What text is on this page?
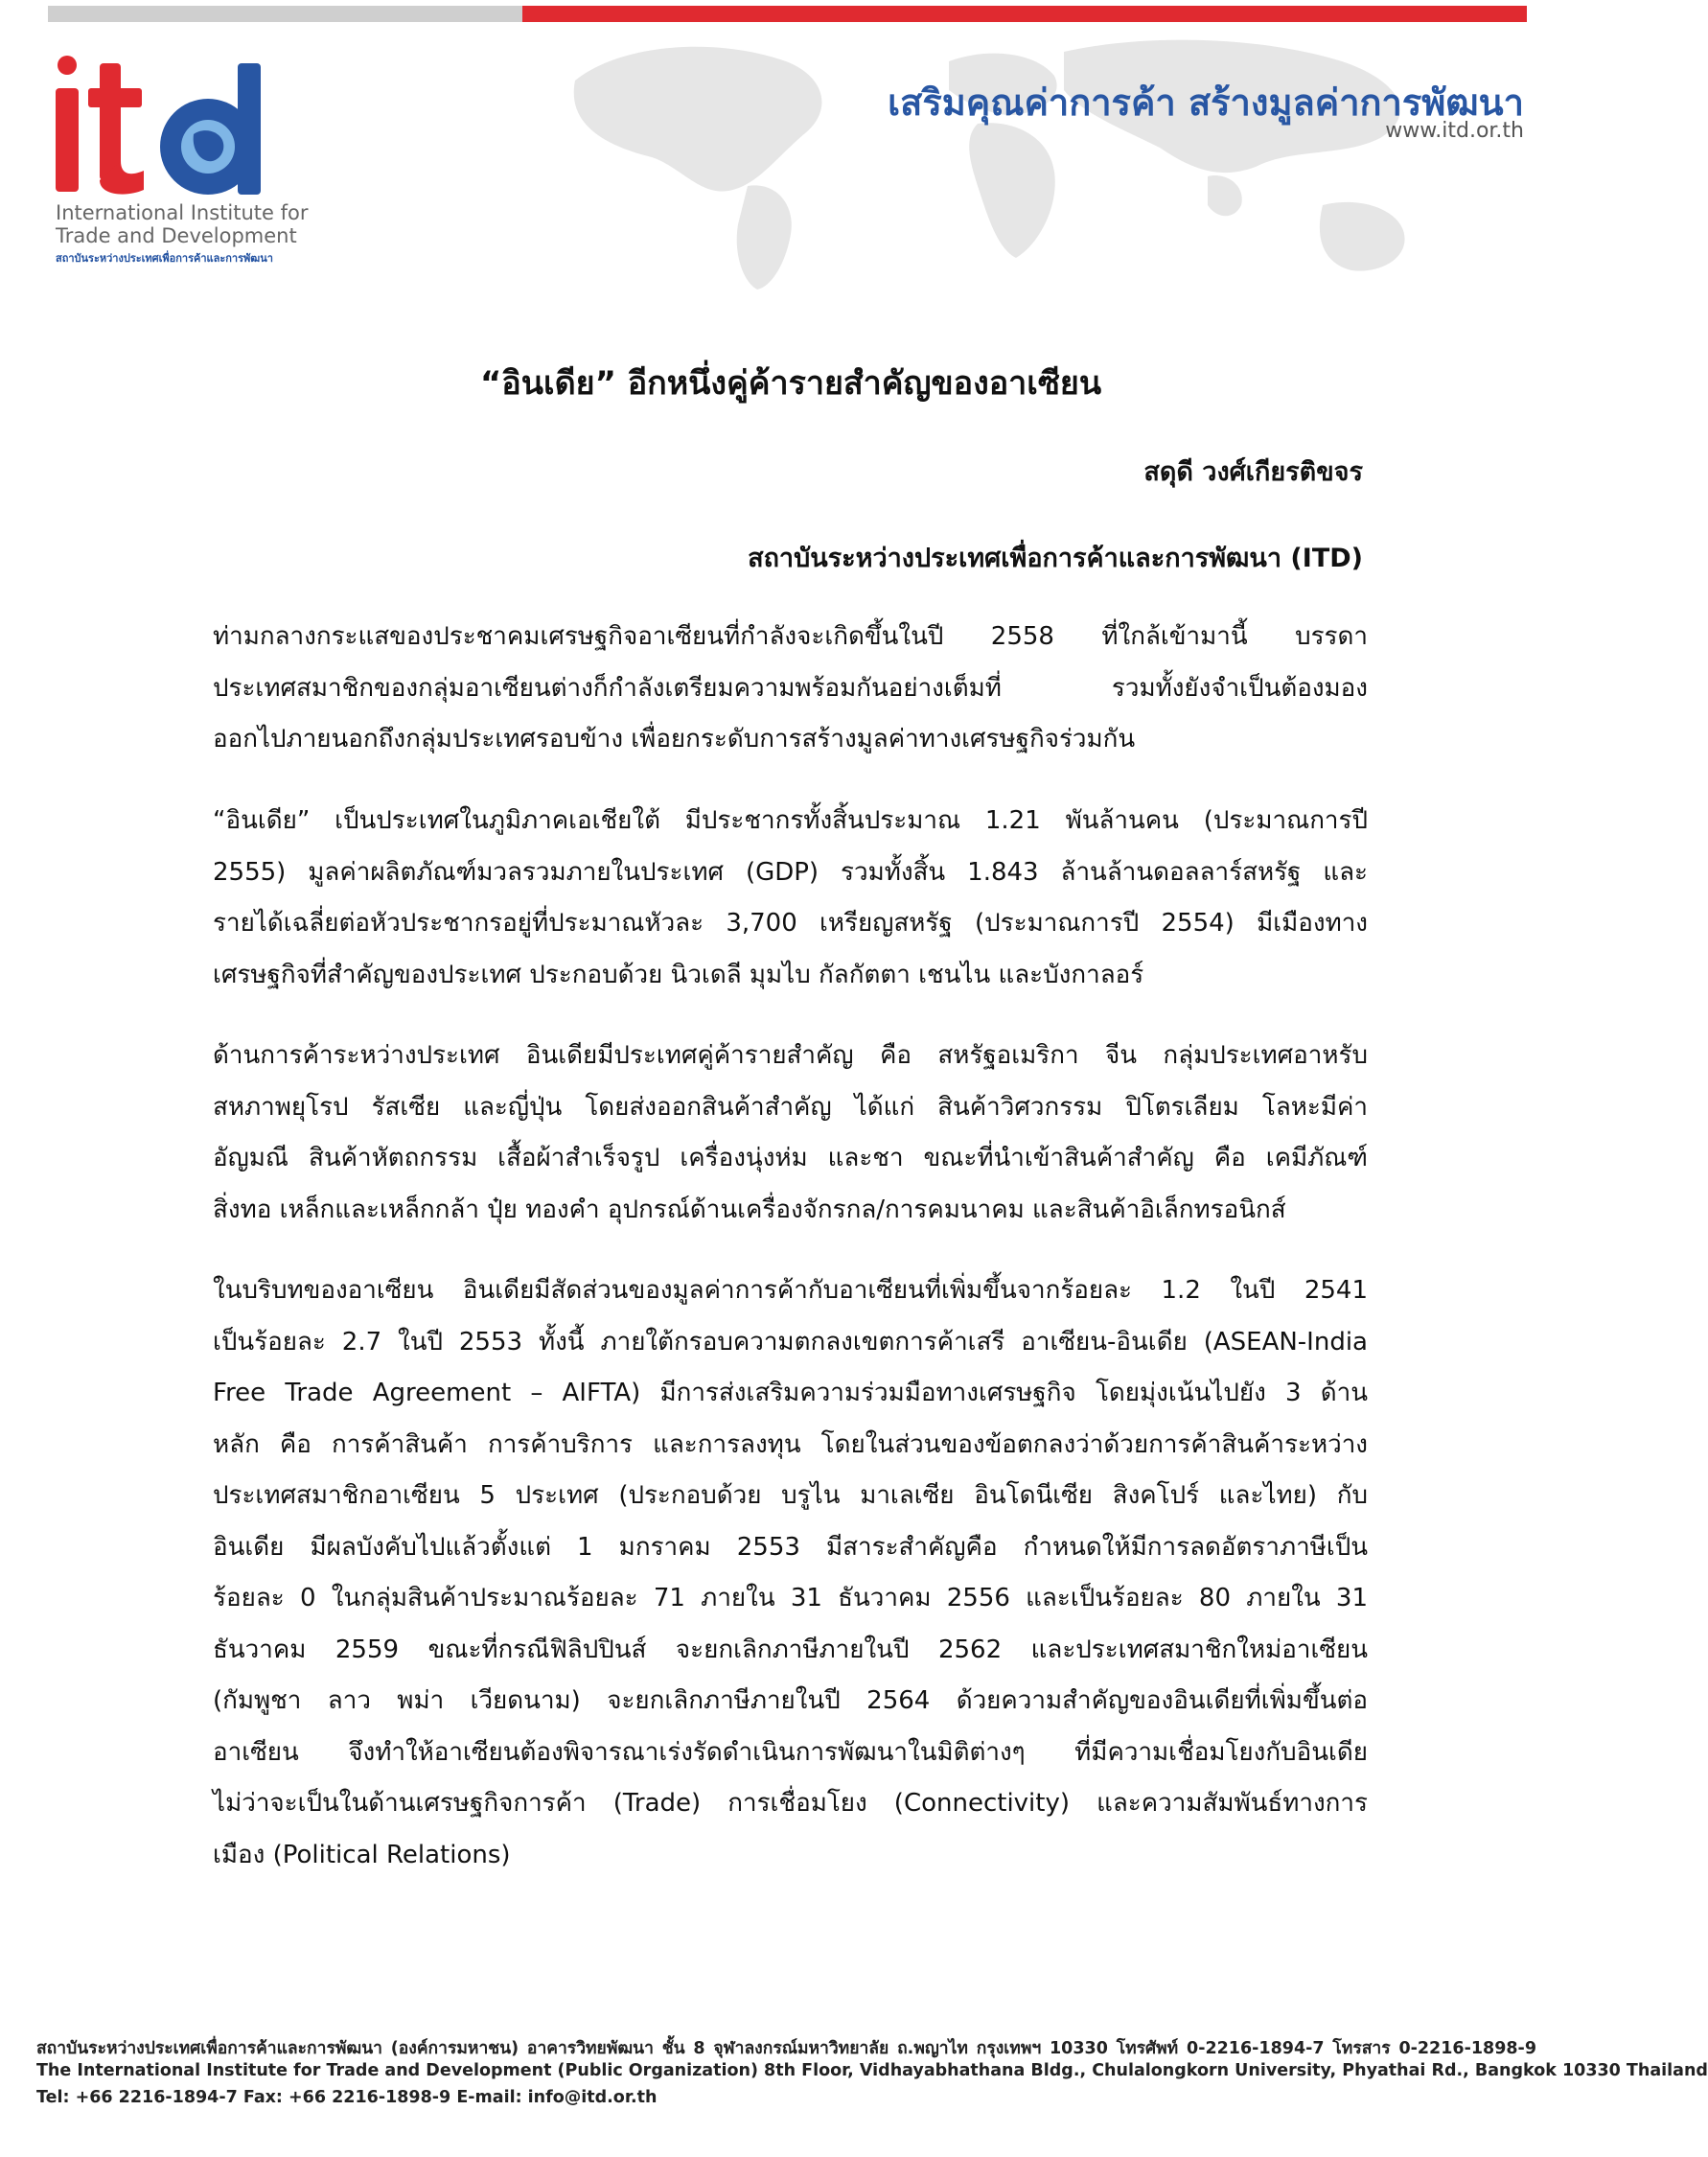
International Institute for
Trade and Development
สถาบันระหว่างประเทศเพื่อการค้าและการพัฒนา
เสริมคุณค่าการค้า สร้างมูลค่าการพัฒนา
www.itd.or.th
“อินเดีย” อีกหนึ่งคู่ค้ารายสำคัญของอาเซียน
สดุดี วงศ์เกียรติขจร
สถาบันระหว่างประเทศเพื่อการค้าและการพัฒนา (ITD)
ท่ามกลางกระแสของประชาคมเศรษฐกิจอาเซียนที่กำลังจะเกิดขึ้นในปี 2558 ที่ใกล้เข้ามานี้ บรรดา
ประเทศสมาชิกของกลุ่มอาเซียนต่างก็กำลังเตรียมความพร้อมกันอย่างเต็มที่ รวมทั้งยังจำเป็นต้องมอง
ออกไปภายนอกถึงกลุ่มประเทศรอบข้าง เพื่อยกระดับการสร้างมูลค่าทางเศรษฐกิจร่วมกัน
“อินเดีย” เป็นประเทศในภูมิภาคเอเชียใต้ มีประชากรทั้งสิ้นประมาณ 1.21 พันล้านคน (ประมาณการปี
2555) มูลค่าผลิตภัณฑ์มวลรวมภายในประเทศ (GDP) รวมทั้งสิ้น 1.843 ล้านล้านดอลลาร์สหรัฐ และ
รายได้เฉลี่ยต่อหัวประชากรอยู่ที่ประมาณหัวละ 3,700 เหรียญสหรัฐ (ประมาณการปี 2554) มีเมืองทาง
เศรษฐกิจที่สำคัญของประเทศ ประกอบด้วย นิวเดลี มุมไบ กัลกัตตา เชนไน และบังกาลอร์
ด้านการค้าระหว่างประเทศ อินเดียมีประเทศคู่ค้ารายสำคัญ คือ สหรัฐอเมริกา จีน กลุ่มประเทศอาหรับ
สหภาพยุโรป รัสเซีย และญี่ปุ่น โดยส่งออกสินค้าสำคัญ ได้แก่ สินค้าวิศวกรรม ปิโตรเลียม โลหะมีค่า
อัญมณี สินค้าหัตถกรรม เสื้อผ้าสำเร็จรูป เครื่องนุ่งห่ม และชา ขณะที่นำเข้าสินค้าสำคัญ คือ เคมีภัณฑ์
สิ่งทอ เหล็กและเหล็กกล้า ปุ๋ย ทองคำ อุปกรณ์ด้านเครื่องจักรกล/การคมนาคม และสินค้าอิเล็กทรอนิกส์
ในบริบทของอาเซียน อินเดียมีสัดส่วนของมูลค่าการค้ากับอาเซียนที่เพิ่มขึ้นจากร้อยละ 1.2 ในปี 2541
เป็นร้อยละ 2.7 ในปี 2553 ทั้งนี้ ภายใต้กรอบความตกลงเขตการค้าเสรี อาเซียน-อินเดีย (ASEAN-India
Free Trade Agreement – AIFTA) มีการส่งเสริมความร่วมมือทางเศรษฐกิจ โดยมุ่งเน้นไปยัง 3 ด้าน
หลัก คือ การค้าสินค้า การค้าบริการ และการลงทุน โดยในส่วนของข้อตกลงว่าด้วยการค้าสินค้าระหว่าง
ประเทศสมาชิกอาเซียน 5 ประเทศ (ประกอบด้วย บรูไน มาเลเซีย อินโดนีเซีย สิงคโปร์ และไทย) กับ
อินเดีย มีผลบังคับไปแล้วตั้งแต่ 1 มกราคม 2553 มีสาระสำคัญคือ กำหนดให้มีการลดอัตราภาษีเป็น
ร้อยละ 0 ในกลุ่มสินค้าประมาณร้อยละ 71 ภายใน 31 ธันวาคม 2556 และเป็นร้อยละ 80 ภายใน 31
ธันวาคม 2559 ขณะที่กรณีฟิลิปปินส์ จะยกเลิกภาษีภายในปี 2562 และประเทศสมาชิกใหม่อาเซียน
(กัมพูชา ลาว พม่า เวียดนาม) จะยกเลิกภาษีภายในปี 2564 ด้วยความสำคัญของอินเดียที่เพิ่มขึ้นต่อ
อาเซียน จึงทำให้อาเซียนต้องพิจารณาเร่งรัดดำเนินการพัฒนาในมิติต่างๆ ที่มีความเชื่อมโยงกับอินเดีย
ไม่ว่าจะเป็นในด้านเศรษฐกิจการค้า (Trade) การเชื่อมโยง (Connectivity) และความสัมพันธ์ทางการ
เมือง (Political Relations)
สถาบันระหว่างประเทศเพื่อการค้าและการพัฒนา (องค์การมหาชน) อาคารวิทยพัฒนา ชั้น 8 จุฬาลงกรณ์มหาวิทยาลัย ถ.พญาไท กรุงเทพฯ 10330 โทรศัพท์ 0-2216-1894-7 โทรสาร 0-2216-1898-9
The International Institute for Trade and Development (Public Organization) 8th Floor, Vidhayabhathana Bldg., Chulalongkorn University, Phyathai Rd., Bangkok 10330 Thailand
Tel: +66 2216-1894-7 Fax: +66 2216-1898-9 E-mail: info@itd.or.th
